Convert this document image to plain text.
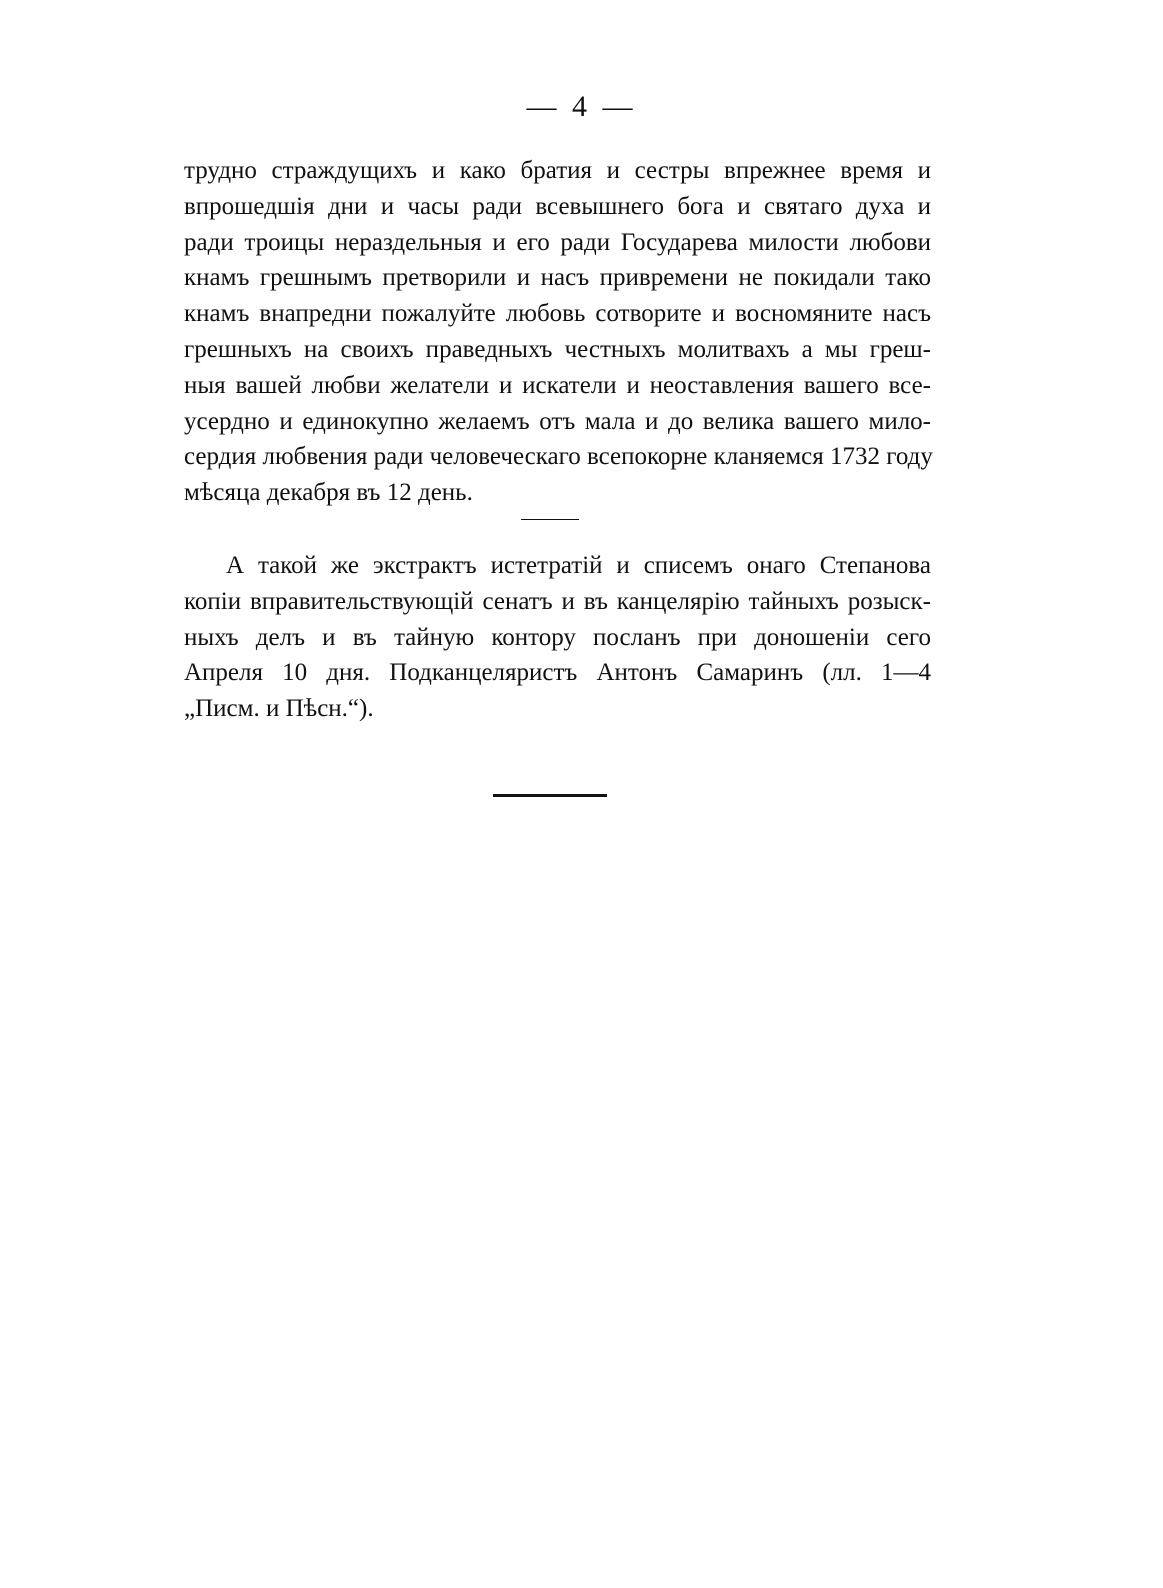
— 4 —
трудно страждущихъ и како братия и сестры впрежнее время и
впрошедшія дни и часы ради всевышнего бога и святаго духа и
ради троицы нераздельныя и его ради Государева милости любови
кнамъ грешнымъ претворили и насъ привремени не покидали тако
кнамъ внапредни пожалуйте любовь сотворите и восномяните насъ
грешныхъ на своихъ праведныхъ честныхъ молитвахъ а мы греш-
ныя вашей любви желатели и искатели и неоставления вашего все-
усердно и единокупно желаемъ отъ мала и до велика вашего мило-
сердия любвения ради человеческаго всепокорне кланяемся 1732 году
мѣсяца декабря въ 12 день.
А такой же экстрактъ истетратій и списемъ онаго Степанова
копіи вправительствующій сенатъ и въ канцелярію тайныхъ розыск-
ныхъ делъ и въ тайную контору посланъ при доношеніи сего
Апреля 10 дня. Подканцеляристъ Антонъ Самаринъ (лл. 1—4
„Писм. и Пѣсн.“).
